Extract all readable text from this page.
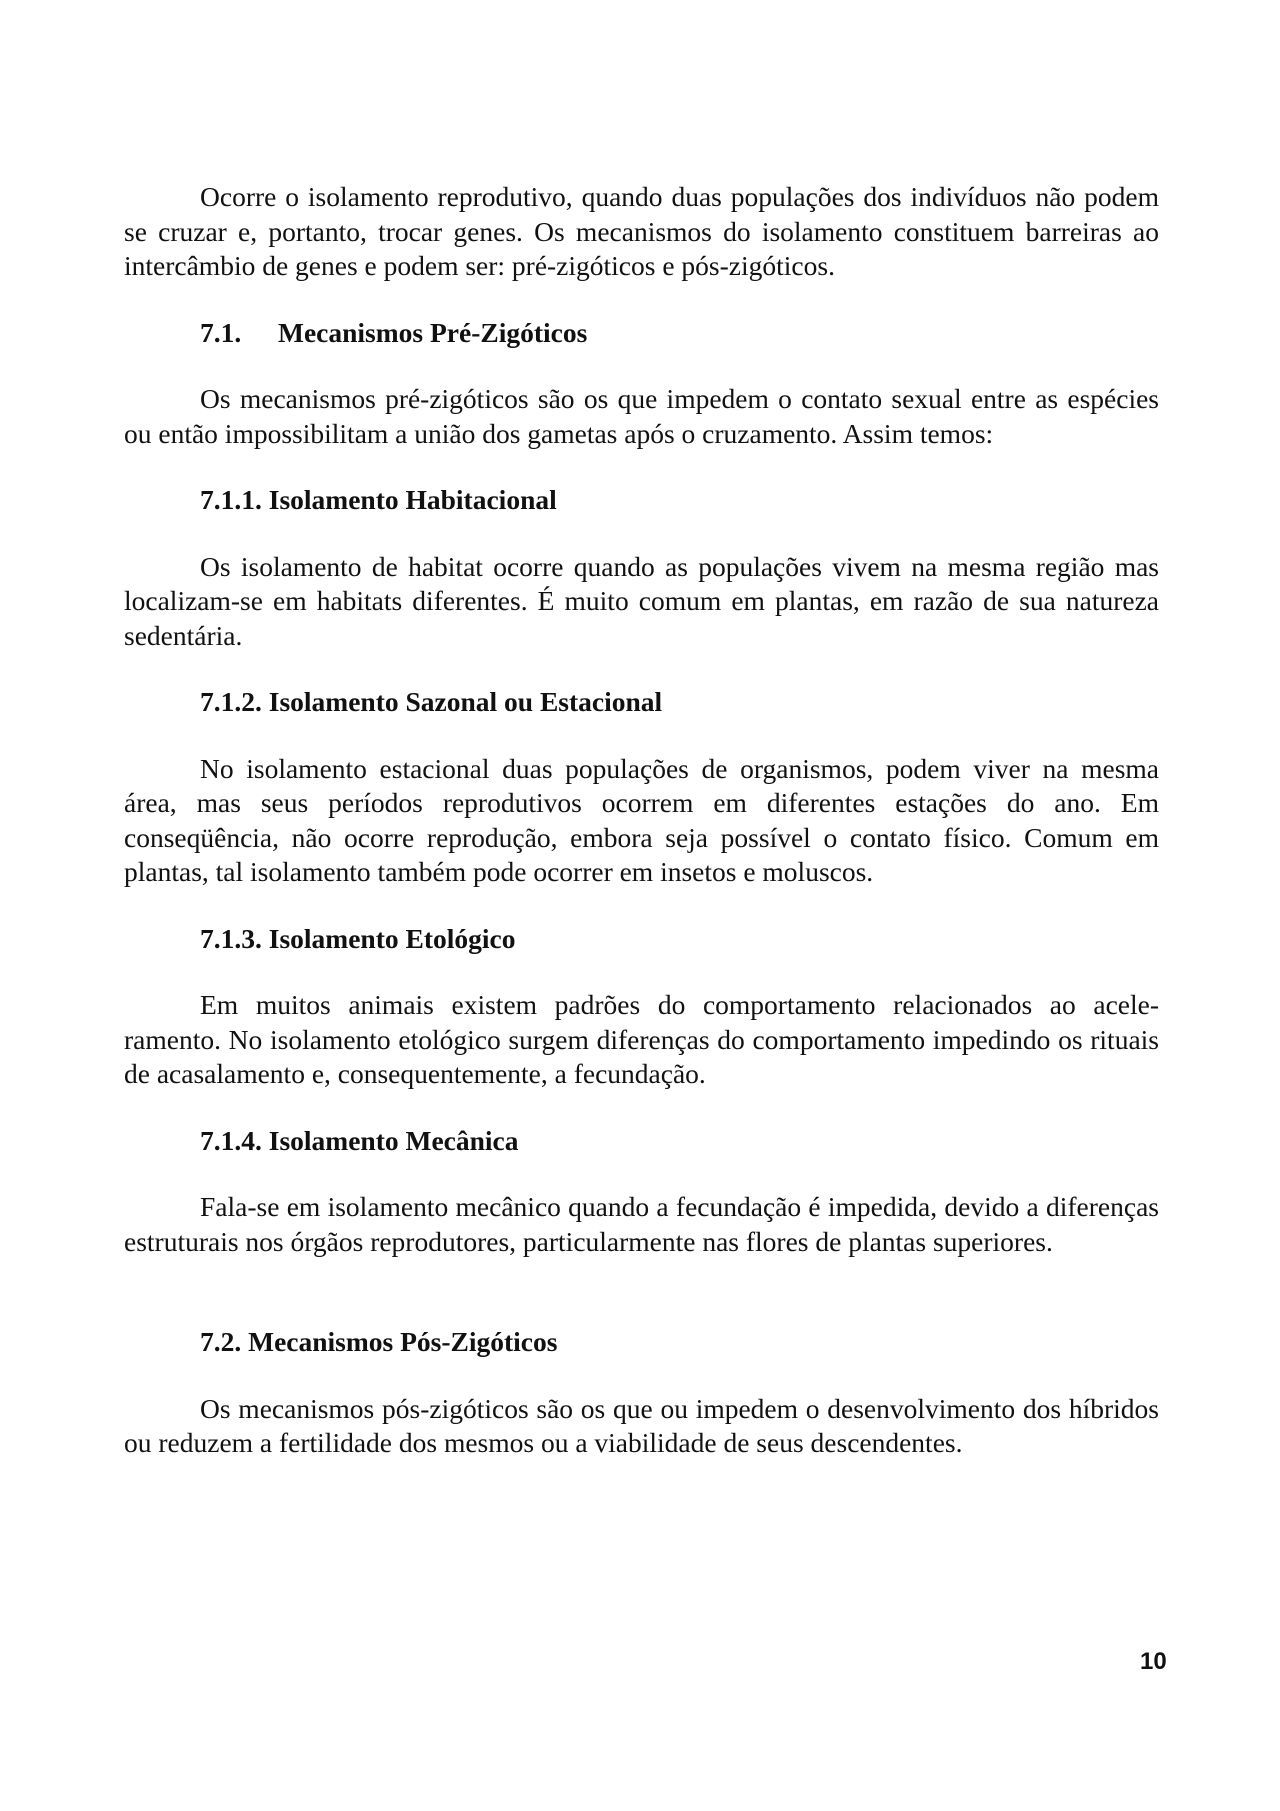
Ocorre o isolamento reprodutivo, quando duas populações dos indivíduos não podem se cruzar e, portanto, trocar genes. Os mecanismos do isolamento constituem barreiras ao intercâmbio de genes e podem ser: pré-zigóticos e pós-zigóticos.

7.1. Mecanismos Pré-Zigóticos

Os mecanismos pré-zigóticos são os que impedem o contato sexual entre as espécies ou então impossibilitam a união dos gametas após o cruzamento. Assim temos:

7.1.1. Isolamento Habitacional

Os isolamento de habitat ocorre quando as populações vivem na mesma região mas localizam-se em habitats diferentes. É muito comum em plantas, em razão de sua natureza sedentária.

7.1.2. Isolamento Sazonal ou Estacional

No isolamento estacional duas populações de organismos, podem viver na mesma área, mas seus períodos reprodutivos ocorrem em diferentes estações do ano. Em conseqüência, não ocorre reprodução, embora seja possível o contato físico. Comum em plantas, tal isolamento também pode ocorrer em insetos e moluscos.

7.1.3. Isolamento Etológico

Em muitos animais existem padrões do comportamento relacionados ao acele-ramento. No isolamento etológico surgem diferenças do comportamento impedindo os rituais de acasalamento e, consequentemente, a fecundação.

7.1.4. Isolamento Mecânica

Fala-se em isolamento mecânico quando a fecundação é impedida, devido a diferenças estruturais nos órgãos reprodutores, particularmente nas flores de plantas superiores.

7.2. Mecanismos Pós-Zigóticos

Os mecanismos pós-zigóticos são os que ou impedem o desenvolvimento dos híbridos ou reduzem a fertilidade dos mesmos ou a viabilidade de seus descendentes.

10
